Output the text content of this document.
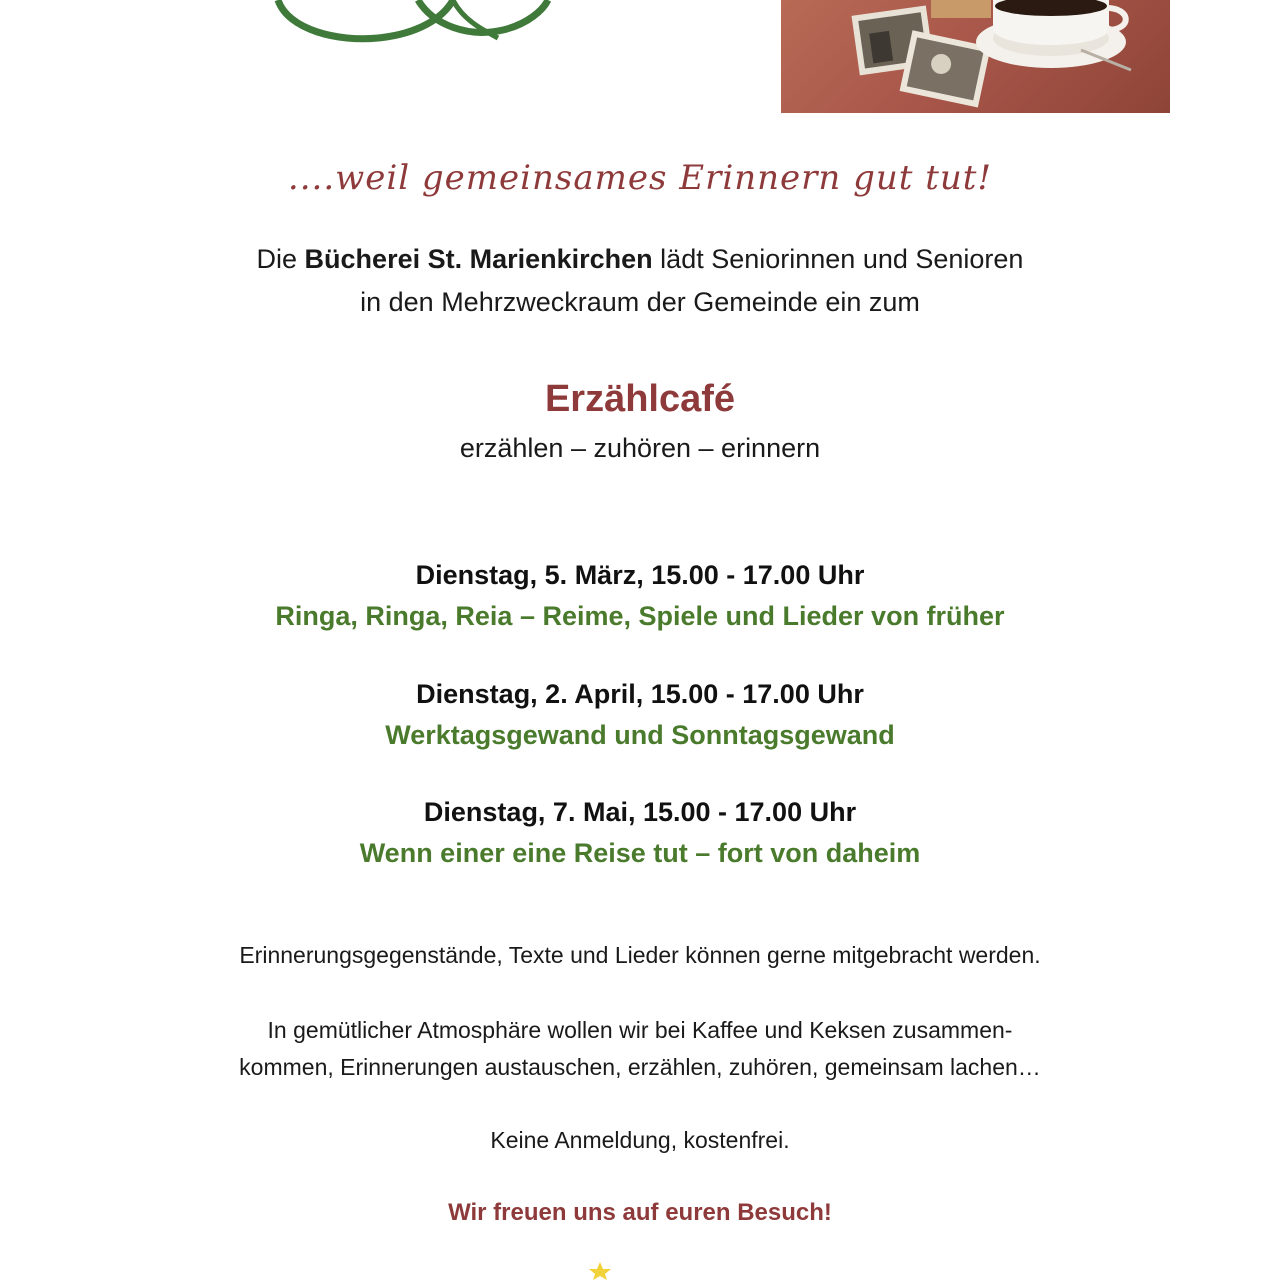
....weil gemeinsames Erinnern gut tut!
Die Bücherei St. Marienkirchen lädt Seniorinnen und Senioren
in den Mehrzweckraum der Gemeinde ein zum
Erzählcafé
erzählen – zuhören – erinnern
Dienstag, 5. März, 15.00 - 17.00 Uhr
Ringa, Ringa, Reia – Reime, Spiele und Lieder von früher
Dienstag, 2. April, 15.00 - 17.00 Uhr
Werktagsgewand und Sonntagsgewand
Dienstag, 7. Mai, 15.00 - 17.00 Uhr
Wenn einer eine Reise tut – fort von daheim
Erinnerungsgegenstände, Texte und Lieder können gerne mitgebracht werden.
In gemütlicher Atmosphäre wollen wir bei Kaffee und Keksen zusammen-
kommen, Erinnerungen austauschen, erzählen, zuhören, gemeinsam lachen…
Keine Anmeldung, kostenfrei.
Wir freuen uns auf euren Besuch!
